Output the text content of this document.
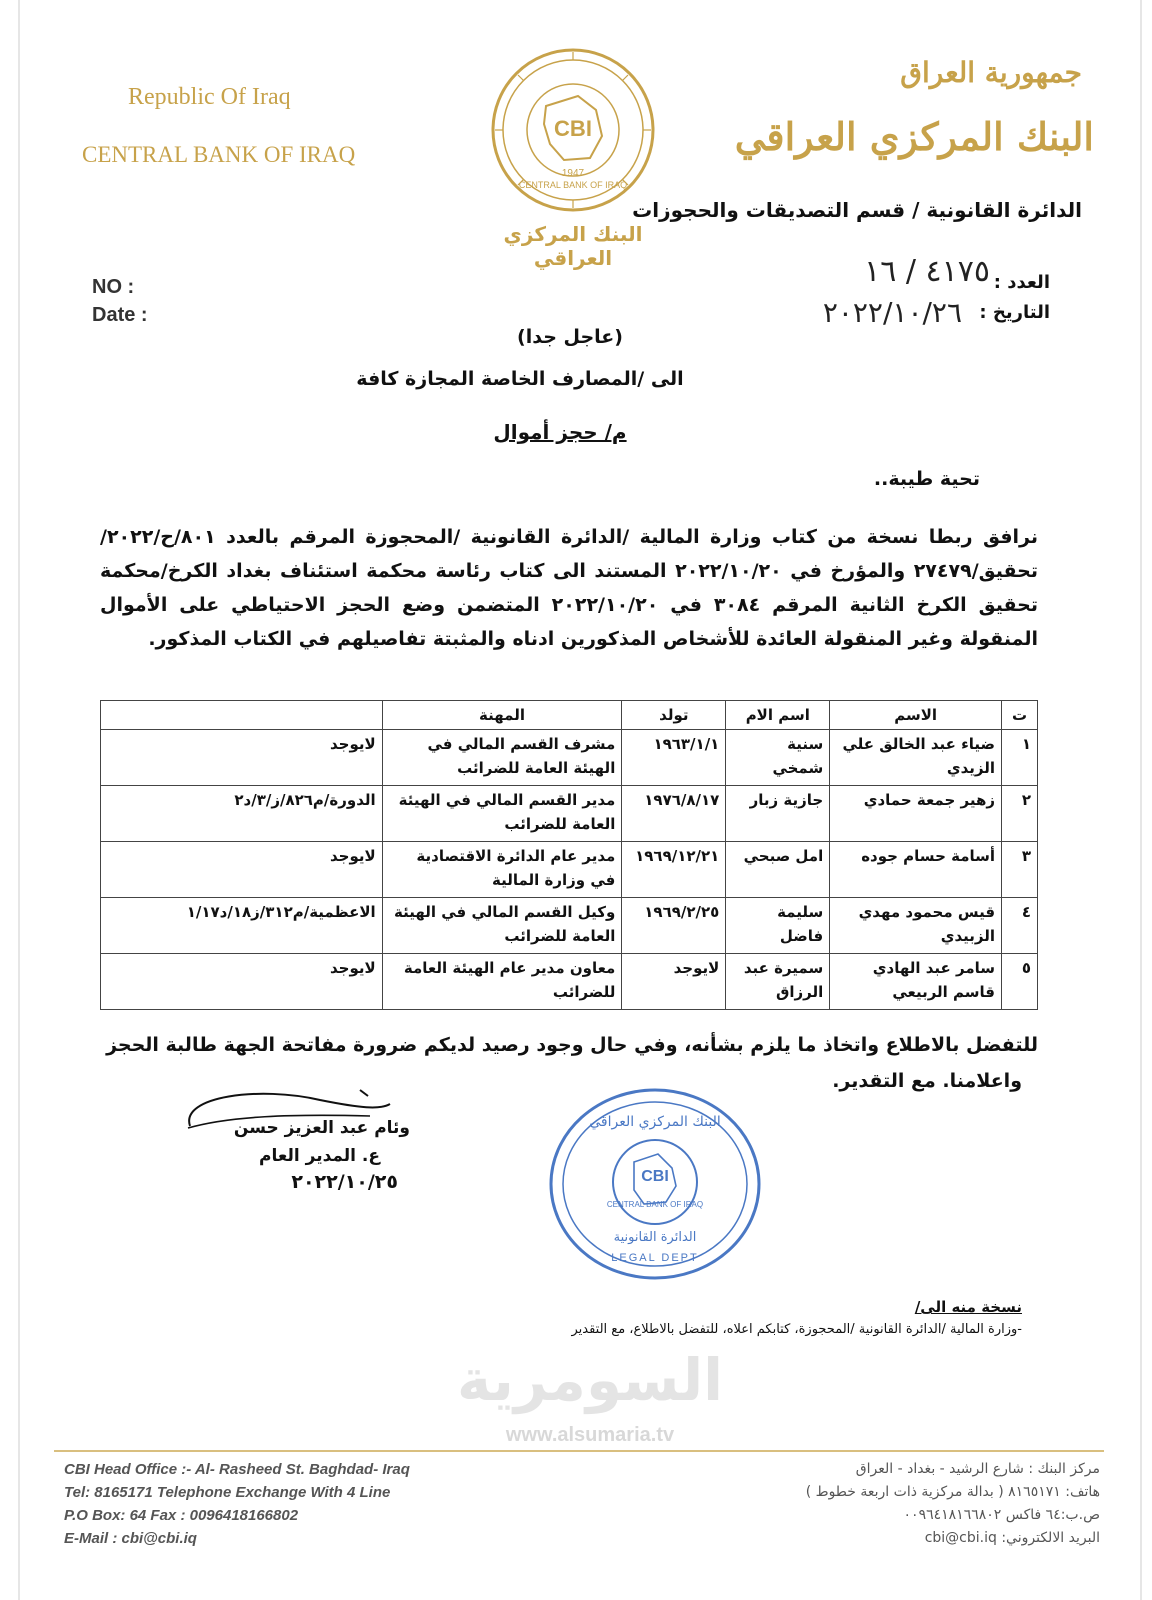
Republic Of Iraq
CENTRAL BANK OF IRAQ
CBI
CENTRAL BANK OF IRAQ
1947
البنك المركزي العراقي
جمهورية العراق
البنك المركزي العراقي
الدائرة القانونية / قسم التصديقات والحجوزات
NO :
Date :
العدد :
٤١٧٥ / ١٦
التاريخ :
٢٠٢٢/١٠/٢٦
(عاجل جدا)
الى /المصارف الخاصة المجازة كافة
م/ حجز أموال
تحية طيبة..
نرافق ربطا نسخة من كتاب وزارة المالية /الدائرة القانونية /المحجوزة المرقم بالعدد ٨٠١/ح/٢٠٢٢/تحقيق/٢٧٤٧٩ والمؤرخ في ٢٠٢٢/١٠/٢٠ المستند الى كتاب رئاسة محكمة استئناف بغداد الكرخ/محكمة تحقيق الكرخ الثانية المرقم ٣٠٨٤ في ٢٠٢٢/١٠/٢٠ المتضمن وضع الحجز الاحتياطي على الأموال المنقولة وغير المنقولة العائدة للأشخاص المذكورين ادناه والمثبتة تفاصيلهم في الكتاب المذكور.
ت	الاسم	اسم الام	تولد	المهنة	
١	ضياء عبد الخالق علي الزيدي	سنية شمخي	١٩٦٣/١/١	مشرف القسم المالي في الهيئة العامة للضرائب	لايوجد
٢	زهير جمعة حمادي	جازية زبار	١٩٧٦/٨/١٧	مدير القسم المالي في الهيئة العامة للضرائب	الدورة/م٨٢٦/ز/٣/د٢
٣	أسامة حسام جوده	امل صبحي	١٩٦٩/١٢/٢١	مدير عام الدائرة الاقتصادية في وزارة المالية	لايوجد
٤	قيس محمود مهدي الزبيدي	سليمة فاضل	١٩٦٩/٢/٢٥	وكيل القسم المالي في الهيئة العامة للضرائب	الاعظمية/م٣١٢/ز١٨/د١/١٧
٥	سامر عبد الهادي قاسم الربيعي	سميرة عبد الرزاق	لايوجد	معاون مدير عام الهيئة العامة للضرائب	لايوجد
للتفضل بالاطلاع واتخاذ ما يلزم بشأنه، وفي حال وجود رصيد لديكم ضرورة مفاتحة الجهة طالبة الحجز
واعلامنا. مع التقدير.
وئام عبد العزيز حسن
ع. المدير العام
٢٠٢٢/١٠/٢٥	CBI
CENTRAL BANK OF IRAQ
البنك المركزي العراقي
الدائرة القانونية
LEGAL DEPT
نسخة منه الى/
-وزارة المالية /الدائرة القانونية /المحجوزة، كتابكم اعلاه، للتفضل بالاطلاع، مع التقدير
السومرية
www.alsumaria.tv
CBI Head Office :- Al- Rasheed St. Baghdad- Iraq
Tel: 8165171 Telephone Exchange With 4 Line
P.O Box: 64 Fax : 0096418166802
E-Mail : cbi@cbi.iq
مركز البنك : شارع الرشيد - بغداد - العراق
هاتف: ٨١٦٥١٧١ ( بدالة مركزية ذات اربعة خطوط )
ص.ب:٦٤ فاكس ٠٠٩٦٤١٨١٦٦٨٠٢
البريد الالكتروني: cbi@cbi.iq
